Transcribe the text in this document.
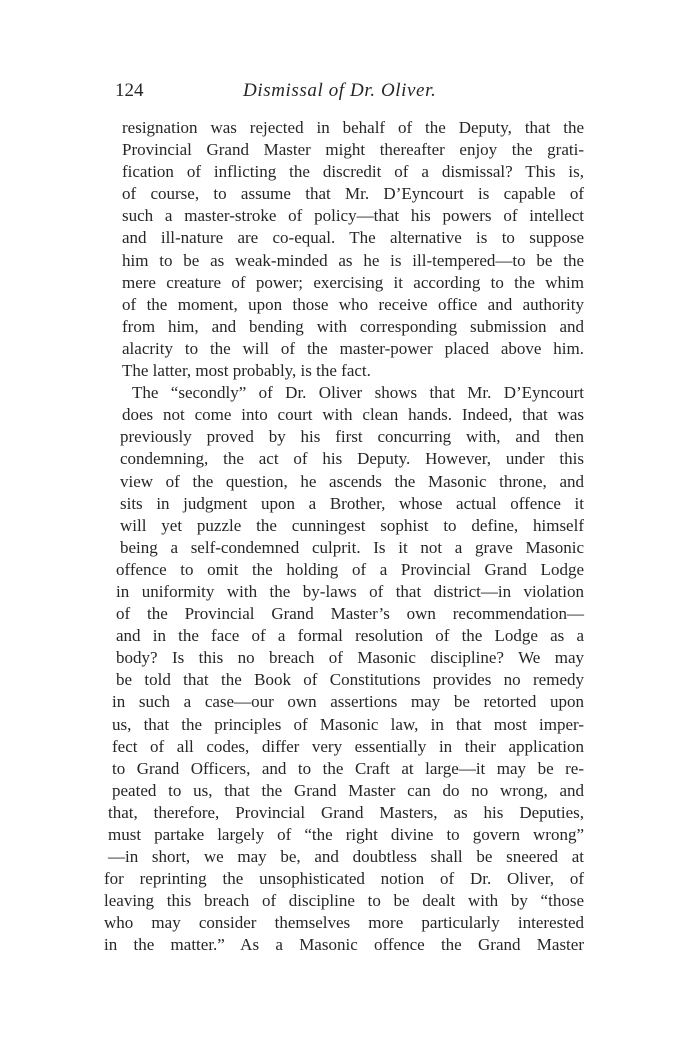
124	Dismissal of Dr. Oliver.
resignation was rejected in behalf of the Deputy, that the
Provincial Grand Master might thereafter enjoy the grati-
fication of inflicting the discredit of a dismissal? This is,
of course, to assume that Mr. D’Eyncourt is capable of
such a master-stroke of policy—that his powers of intellect
and ill-nature are co-equal. The alternative is to suppose
him to be as weak-minded as he is ill-tempered—to be the
mere creature of power; exercising it according to the whim
of the moment, upon those who receive office and authority
from him, and bending with corresponding submission and
alacrity to the will of the master-power placed above him.
The latter, most probably, is the fact.
The “secondly” of Dr. Oliver shows that Mr. D’Eyncourt
does not come into court with clean hands. Indeed, that was
previously proved by his first concurring with, and then
condemning, the act of his Deputy. However, under this
view of the question, he ascends the Masonic throne, and
sits in judgment upon a Brother, whose actual offence it
will yet puzzle the cunningest sophist to define, himself
being a self-condemned culprit. Is it not a grave Masonic
offence to omit the holding of a Provincial Grand Lodge
in uniformity with the by-laws of that district—in violation
of the Provincial Grand Master’s own recommendation—
and in the face of a formal resolution of the Lodge as a
body? Is this no breach of Masonic discipline? We may
be told that the Book of Constitutions provides no remedy
in such a case—our own assertions may be retorted upon
us, that the principles of Masonic law, in that most imper-
fect of all codes, differ very essentially in their application
to Grand Officers, and to the Craft at large—it may be re-
peated to us, that the Grand Master can do no wrong, and
that, therefore, Provincial Grand Masters, as his Deputies,
must partake largely of “the right divine to govern wrong”
—in short, we may be, and doubtless shall be sneered at
for reprinting the unsophisticated notion of Dr. Oliver, of
leaving this breach of discipline to be dealt with by “those
who may consider themselves more particularly interested
in the matter.” As a Masonic offence the Grand Master
